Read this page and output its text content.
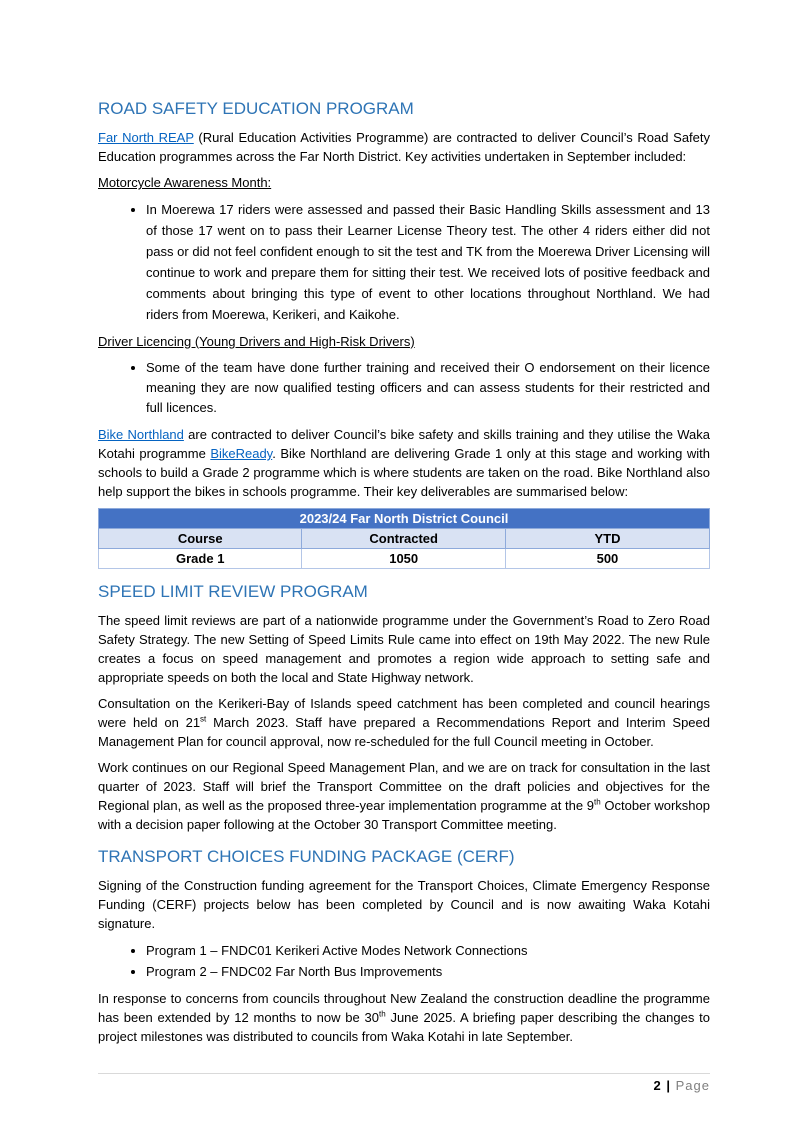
ROAD SAFETY EDUCATION PROGRAM

Far North REAP (Rural Education Activities Programme) are contracted to deliver Council’s Road Safety Education programmes across the Far North District. Key activities undertaken in September included:

Motorcycle Awareness Month:

• In Moerewa 17 riders were assessed and passed their Basic Handling Skills assessment and 13 of those 17 went on to pass their Learner License Theory test. The other 4 riders either did not pass or did not feel confident enough to sit the test and TK from the Moerewa Driver Licensing will continue to work and prepare them for sitting their test. We received lots of positive feedback and comments about bringing this type of event to other locations throughout Northland. We had riders from Moerewa, Kerikeri, and Kaikohe.

Driver Licencing (Young Drivers and High-Risk Drivers)

• Some of the team have done further training and received their O endorsement on their licence meaning they are now qualified testing officers and can assess students for their restricted and full licences.

Bike Northland are contracted to deliver Council’s bike safety and skills training and they utilise the Waka Kotahi programme BikeReady. Bike Northland are delivering Grade 1 only at this stage and working with schools to build a Grade 2 programme which is where students are taken on the road. Bike Northland also help support the bikes in schools programme. Their key deliverables are summarised below:

2023/24 Far North District Council		
Course	Contracted	YTD
Grade 1	1050	500
SPEED LIMIT REVIEW PROGRAM

The speed limit reviews are part of a nationwide programme under the Government’s Road to Zero Road Safety Strategy. The new Setting of Speed Limits Rule came into effect on 19th May 2022. The new Rule creates a focus on speed management and promotes a region wide approach to setting safe and appropriate speeds on both the local and State Highway network.

Consultation on the Kerikeri-Bay of Islands speed catchment has been completed and council hearings were held on 21st March 2023. Staff have prepared a Recommendations Report and Interim Speed Management Plan for council approval, now re-scheduled for the full Council meeting in October.

Work continues on our Regional Speed Management Plan, and we are on track for consultation in the last quarter of 2023. Staff will brief the Transport Committee on the draft policies and objectives for the Regional plan, as well as the proposed three-year implementation programme at the 9th October workshop with a decision paper following at the October 30 Transport Committee meeting.

TRANSPORT CHOICES FUNDING PACKAGE (CERF)

Signing of the Construction funding agreement for the Transport Choices, Climate Emergency Response Funding (CERF) projects below has been completed by Council and is now awaiting Waka Kotahi signature.

• Program 1 – FNDC01 Kerikeri Active Modes Network Connections
• Program 2 – FNDC02 Far North Bus Improvements

In response to concerns from councils throughout New Zealand the construction deadline the programme has been extended by 12 months to now be 30th June 2025. A briefing paper describing the changes to project milestones was distributed to councils from Waka Kotahi in late September.

2 | Page
